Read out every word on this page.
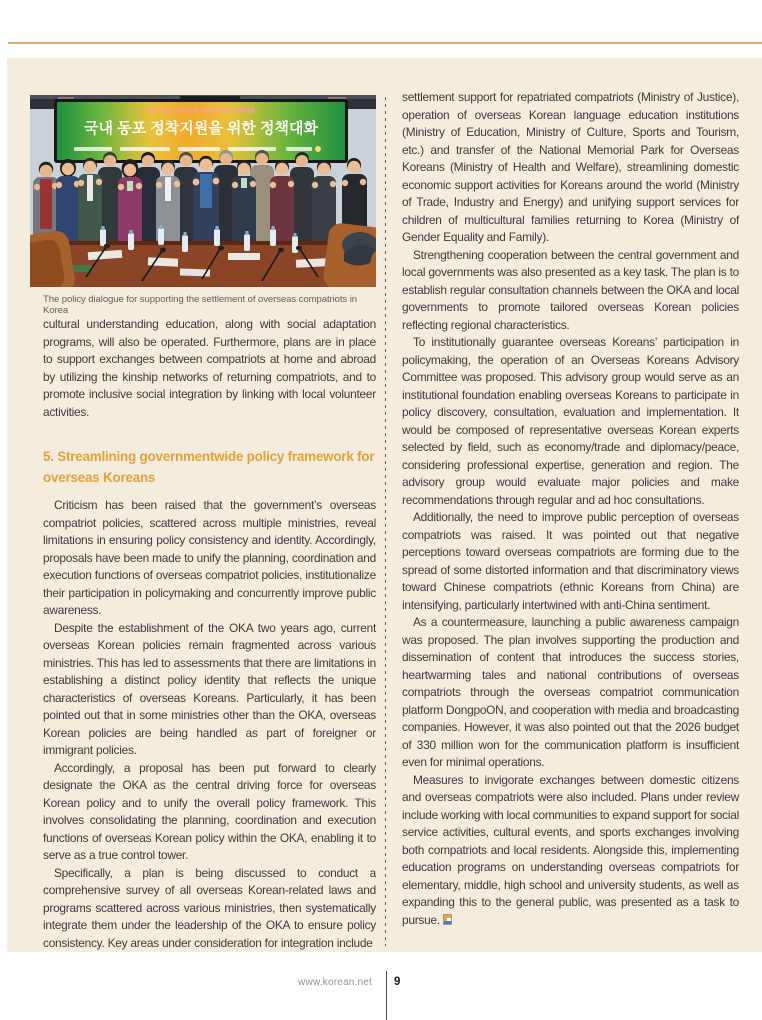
중국 동포 국내 인식 개선을 위한 정책대화
국내 동포 정착지원을 위한 정책대화
The policy dialogue for supporting the settlement of overseas compatriots in Korea

cultural understanding education, along with social adaptation programs, will also be operated. Furthermore, plans are in place to support exchanges between compatriots at home and abroad by utilizing the kinship networks of returning compatriots, and to promote inclusive social integration by linking with local volunteer activities.

5. Streamlining governmentwide policy framework for overseas Koreans

Criticism has been raised that the government’s overseas compatriot policies, scattered across multiple ministries, reveal limitations in ensuring policy consistency and identity. Accordingly, proposals have been made to unify the planning, coordination and execution functions of overseas compatriot policies, institutionalize their participation in policymaking and concurrently improve public awareness.

Despite the establishment of the OKA two years ago, current overseas Korean policies remain fragmented across various ministries. This has led to assessments that there are limitations in establishing a distinct policy identity that reflects the unique characteristics of overseas Koreans. Particularly, it has been pointed out that in some ministries other than the OKA, overseas Korean policies are being handled as part of foreigner or immigrant policies.

Accordingly, a proposal has been put forward to clearly designate the OKA as the central driving force for overseas Korean policy and to unify the overall policy framework. This involves consolidating the planning, coordination and execution functions of overseas Korean policy within the OKA, enabling it to serve as a true control tower.

Specifically, a plan is being discussed to conduct a comprehensive survey of all overseas Korean-related laws and programs scattered across various ministries, then systematically integrate them under the leadership of the OKA to ensure policy consistency. Key areas under consideration for integration include

settlement support for repatriated compatriots (Ministry of Justice), operation of overseas Korean language education institutions (Ministry of Education, Ministry of Culture, Sports and Tourism, etc.) and transfer of the National Memorial Park for Overseas Koreans (Ministry of Health and Welfare), streamlining domestic economic support activities for Koreans around the world (Ministry of Trade, Industry and Energy) and unifying support services for children of multicultural families returning to Korea (Ministry of Gender Equality and Family).

Strengthening cooperation between the central government and local governments was also presented as a key task. The plan is to establish regular consultation channels between the OKA and local governments to promote tailored overseas Korean policies reflecting regional characteristics.

To institutionally guarantee overseas Koreans’ participation in policymaking, the operation of an Overseas Koreans Advisory Committee was proposed. This advisory group would serve as an institutional foundation enabling overseas Koreans to participate in policy discovery, consultation, evaluation and implementation. It would be composed of representative overseas Korean experts selected by field, such as economy/trade and diplomacy/peace, considering professional expertise, generation and region. The advisory group would evaluate major policies and make recommendations through regular and ad hoc consultations.

Additionally, the need to improve public perception of overseas compatriots was raised. It was pointed out that negative perceptions toward overseas compatriots are forming due to the spread of some distorted information and that discriminatory views toward Chinese compatriots (ethnic Koreans from China) are intensifying, particularly intertwined with anti-China sentiment.

As a countermeasure, launching a public awareness campaign was proposed. The plan involves supporting the production and dissemination of content that introduces the success stories, heartwarming tales and national contributions of overseas compatriots through the overseas compatriot communication platform DongpoON, and cooperation with media and broadcasting companies. However, it was also pointed out that the 2026 budget of 330 million won for the communication platform is insufficient even for minimal operations.

Measures to invigorate exchanges between domestic citizens and overseas compatriots were also included. Plans under review include working with local communities to expand support for social service activities, cultural events, and sports exchanges involving both compatriots and local residents. Alongside this, implementing education programs on understanding overseas compatriots for elementary, middle, high school and university students, as well as expanding this to the general public, was presented as a task to pursue.

www.korean.net 9
